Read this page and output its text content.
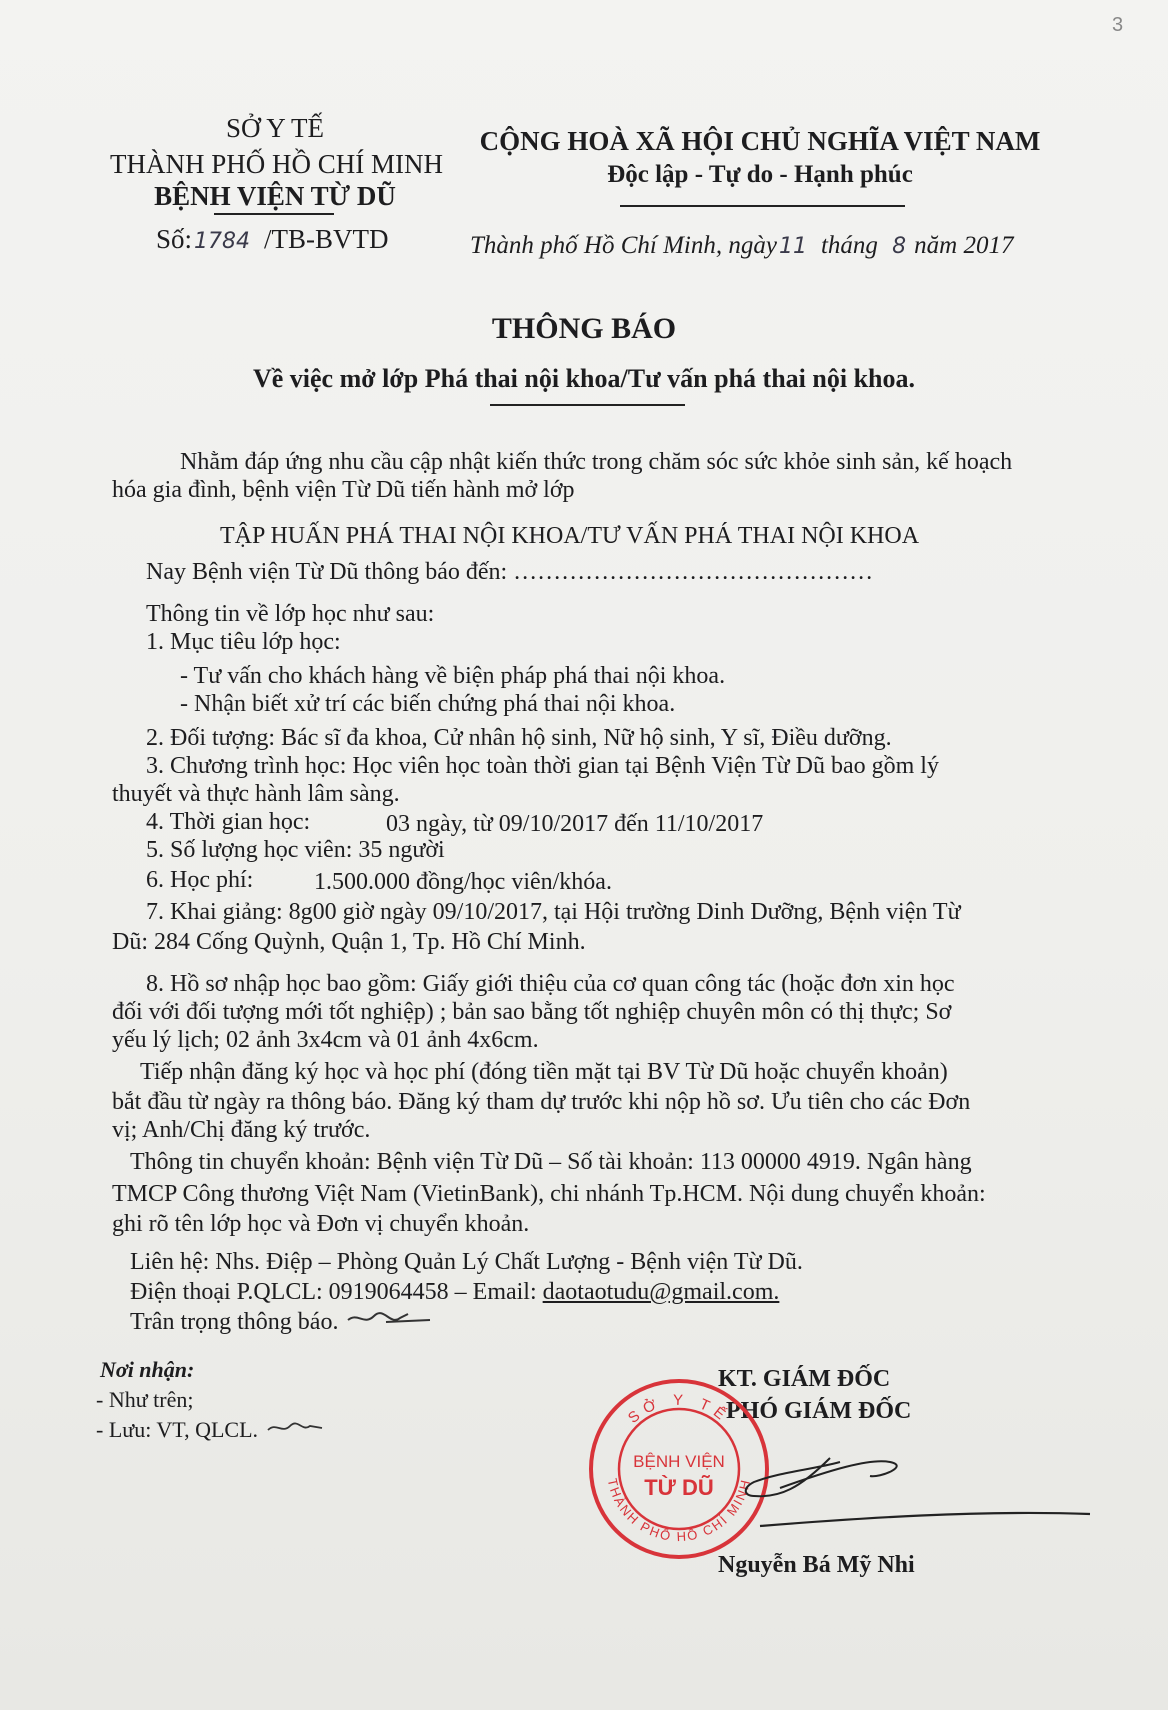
3
SỞ Y TẾ
THÀNH PHỐ HỒ CHÍ MINH
BỆNH VIỆN TỪ DŨ
Số:1784 /TB-BVTD
CỘNG HOÀ XÃ HỘI CHỦ NGHĨA VIỆT NAM
Độc lập - Tự do - Hạnh phúc
Thành phố Hồ Chí Minh, ngày11 tháng 8 năm 2017
THÔNG BÁO
Về việc mở lớp Phá thai nội khoa/Tư vấn phá thai nội khoa.
Nhằm đáp ứng nhu cầu cập nhật kiến thức trong chăm sóc sức khỏe sinh sản, kế hoạch
hóa gia đình, bệnh viện Từ Dũ tiến hành mở lớp
TẬP HUẤN PHÁ THAI NỘI KHOA/TƯ VẤN PHÁ THAI NỘI KHOA
Nay Bệnh viện Từ Dũ thông báo đến: ………………………………………
Thông tin về lớp học như sau:
1. Mục tiêu lớp học:
- Tư vấn cho khách hàng về biện pháp phá thai nội khoa.
- Nhận biết xử trí các biến chứng phá thai nội khoa.
2. Đối tượng: Bác sĩ đa khoa, Cử nhân hộ sinh, Nữ hộ sinh, Y sĩ, Điều dưỡng.
3. Chương trình học: Học viên học toàn thời gian tại Bệnh Viện Từ Dũ bao gồm lý
thuyết và thực hành lâm sàng.
4. Thời gian học:	03 ngày, từ 09/10/2017 đến 11/10/2017
5. Số lượng học viên: 35 người
6. Học phí:	1.500.000 đồng/học viên/khóa.
7. Khai giảng: 8g00 giờ ngày 09/10/2017, tại Hội trường Dinh Dưỡng, Bệnh viện Từ
Dũ: 284 Cống Quỳnh, Quận 1, Tp. Hồ Chí Minh.
8. Hồ sơ nhập học bao gồm: Giấy giới thiệu của cơ quan công tác (hoặc đơn xin học
đối với đối tượng mới tốt nghiệp) ; bản sao bằng tốt nghiệp chuyên môn có thị thực; Sơ
yếu lý lịch; 02 ảnh 3x4cm và 01 ảnh 4x6cm.
Tiếp nhận đăng ký học và học phí (đóng tiền mặt tại BV Từ Dũ hoặc chuyển khoản)
bắt đầu từ ngày ra thông báo. Đăng ký tham dự trước khi nộp hồ sơ. Ưu tiên cho các Đơn
vị; Anh/Chị đăng ký trước.
Thông tin chuyển khoản: Bệnh viện Từ Dũ – Số tài khoản: 113 00000 4919. Ngân hàng
TMCP Công thương Việt Nam (VietinBank), chi nhánh Tp.HCM. Nội dung chuyển khoản:
ghi rõ tên lớp học và Đơn vị chuyển khoản.
Liên hệ: Nhs. Điệp – Phòng Quản Lý Chất Lượng - Bệnh viện Từ Dũ.
Điện thoại P.QLCL: 0919064458 – Email: daotaotudu@gmail.com.
Trân trọng thông báo.
Nơi nhận:
- Như trên;
- Lưu: VT, QLCL.
KT. GIÁM ĐỐC
PHÓ GIÁM ĐỐC
SỞ Y TẾ
THÀNH PHỐ HỒ CHÍ MINH
BỆNH VIỆN
TỪ DŨ
Nguyễn Bá Mỹ Nhi
